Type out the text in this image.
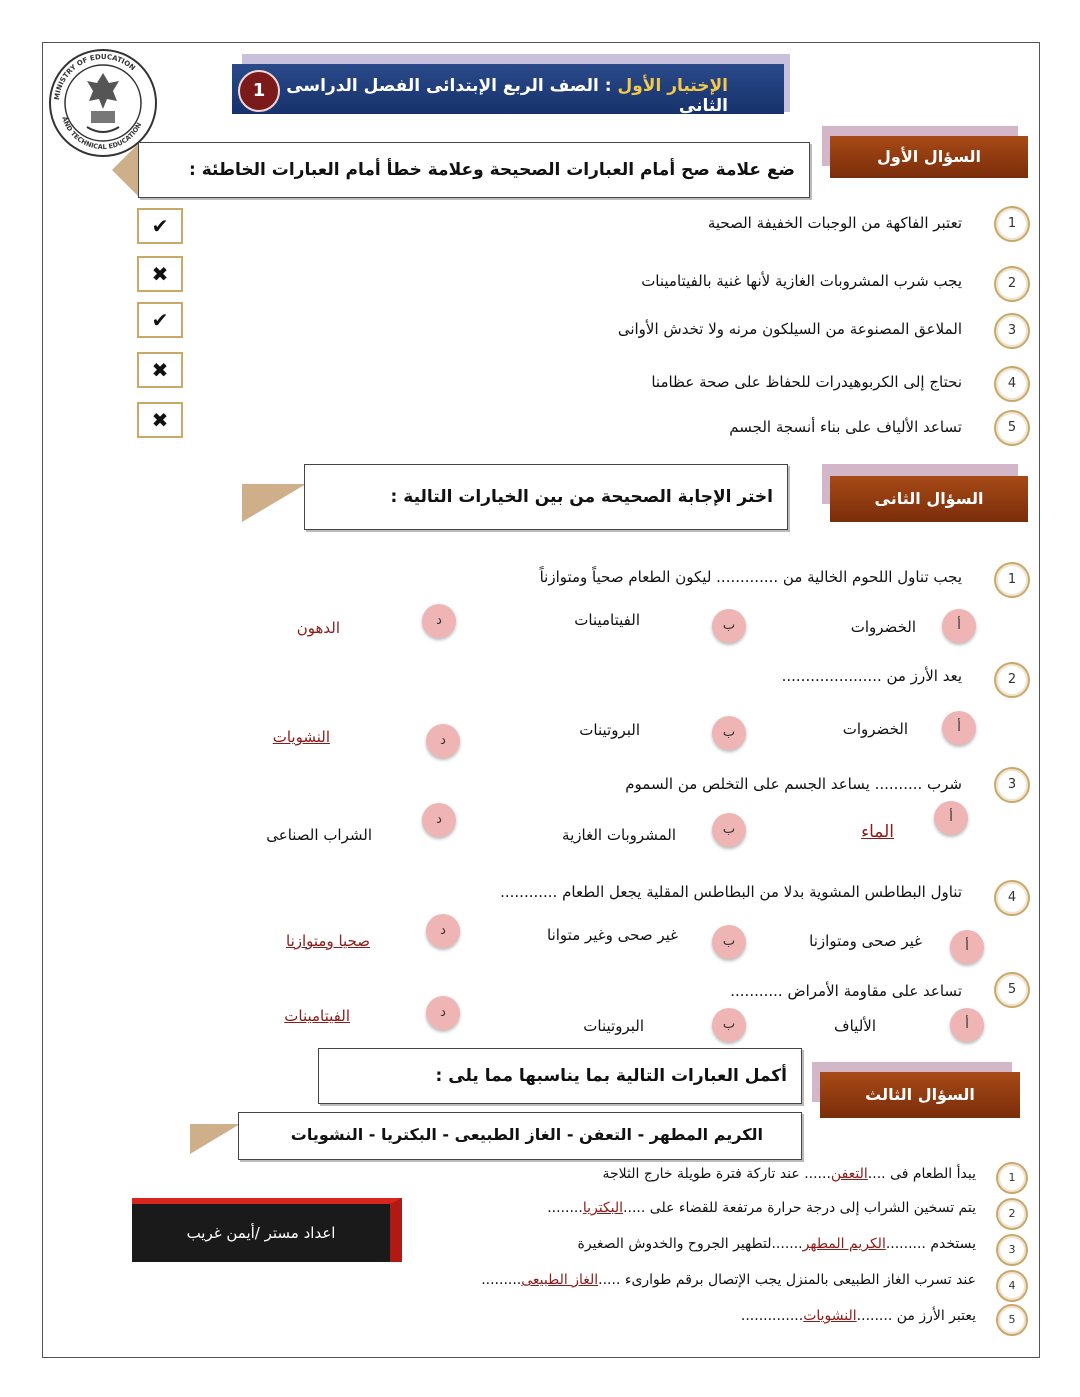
MINISTRY OF EDUCATION
AND TECHNICAL EDUCATION
1	الإختبار الأول : الصف الربع الإبتدائى الفصل الدراسى الثانى
السؤال الأول
ضع علامة صح أمام العبارات الصحيحة وعلامة خطأ أمام العبارات الخاطئة :
1
تعتبر الفاكهة من الوجبات الخفيفة الصحية
✔
2
يجب شرب المشروبات الغازية لأنها غنية بالفيتامينات
✖
3
الملاعق المصنوعة من السيلكون مرنه ولا تخدش الأوانى
✔
4
نحتاج إلى الكربوهيدرات للحفاظ على صحة عظامنا
✖
5
تساعد الألياف على بناء أنسجة الجسم
✖
السؤال الثانى
اختر الإجابة الصحيحة من بين الخيارات التالية :
1
يجب تناول اللحوم الخالية من ............. ليكون الطعام صحياً ومتوازناً
أ
الخضروات
ب
الفيتامينات
د
الدهون
2
يعد الأرز من .....................
أ
الخضروات
ب
البروتينات
د
النشويات
3
شرب .......... يساعد الجسم على التخلص من السموم
أ
الماء
ب
المشروبات الغازية
د
الشراب الصناعى
4
تناول البطاطس المشوية بدلا من البطاطس المقلية يجعل الطعام ............
أ
غير صحى ومتوازنا
ب
غير صحى وغير متوانا
د
صحيا ومتوازنا
5
تساعد على مقاومة الأمراض ...........
أ
الألياف
ب
البروتينات
د
الفيتامينات
السؤال الثالث
أكمل العبارات التالية بما يناسبها مما يلى :
الكريم المطهر - التعفن - الغاز الطبيعى - البكتريا - النشويات
1
يبدأ الطعام فى ....التعفن...... عند تاركة فترة طويلة خارج الثلاجة
2
يتم تسخين الشراب إلى درجة حرارة مرتفعة للقضاء على .....البكتريا........
3
يستخدم .........الكريم المطهر.......لتطهير الجروح والخدوش الصغيرة
4
عند تسرب الغاز الطبيعى بالمنزل يجب الإتصال برقم طوارىء .....الغاز الطبيعى.........
5
يعتبر الأرز من ........النشويات..............
اعداد مستر /أيمن غريب
